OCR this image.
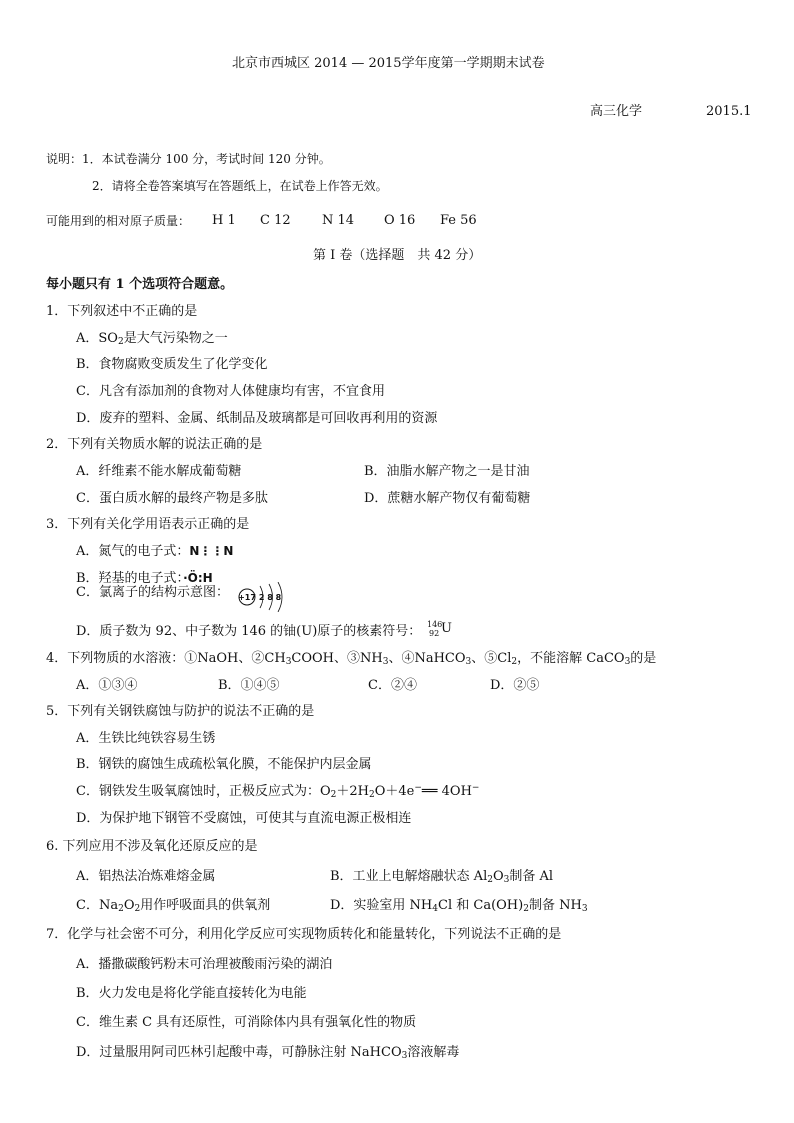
北京市西城区 2014 — 2015学年度第一学期期末试卷
高三化学	2015.1
说明：1．本试卷满分 100 分，考试时间 120 分钟。
2．请将全卷答案填写在答题纸上，在试卷上作答无效。
可能用到的相对原子质量： H 1 C 12 N 14 O 16 Fe 56
第 I 卷（选择题　共 42 分）
每小题只有 1 个选项符合题意。
1．下列叙述中不正确的是
A．$SO_2$是大气污染物之一
B．食物腐败变质发生了化学变化
C．凡含有添加剂的食物对人体健康均有害，不宜食用
D．废弃的塑料、金属、纸制品及玻璃都是可回收再利用的资源
2．下列有关物质水解的说法正确的是
A．纤维素不能水解成葡萄糖	B．油脂水解产物之一是甘油
C．蛋白质水解的最终产物是多肽	D．蔗糖水解产物仅有葡萄糖
3．下列有关化学用语表示正确的是
A．氮气的电子式：N⋮⋮N
B．羟基的电子式：·Ö:H
C．氯离子的结构示意图： +17 2 8 8
D．质子数为 92、中子数为 146 的铀(U)原子的核素符号： 146
92 U
4．下列物质的水溶液：①NaOH、$②CH_3COOH$、$③NH_3$、④NaHCO$_3$、$⑤Cl_2$，不能溶解 CaCO$_3$的是
A．①③④	B．①④⑤	C．②④	D．②⑤
5．下列有关钢铁腐蚀与防护的说法不正确的是
A．生铁比纯铁容易生锈
B．钢铁的腐蚀生成疏松氧化膜，不能保护内层金属
C．钢铁发生吸氧腐蚀时，正极反应式为：$O_2+2H_2O+4e^-══$ 4OH−
D．为保护地下钢管不受腐蚀，可使其与直流电源正极相连
6. 下列应用不涉及氧化还原反应的是
A．铝热法冶炼难熔金属	B．工业上电解熔融状态 $Al_2O_3$制备 Al
C．$Na_2O_2$用作呼吸面具的供氧剂	D．实验室用 $NH_4Cl$ 和 $Ca(OH)_2$制备 $NH_3$
7．化学与社会密不可分，利用化学反应可实现物质转化和能量转化，下列说法不正确的是
A．播撒碳酸钙粉末可治理被酸雨污染的湖泊
B．火力发电是将化学能直接转化为电能
C．维生素 C 具有还原性，可消除体内具有强氧化性的物质
D．过量服用阿司匹林引起酸中毒，可静脉注射 NaHCO$_3$溶液解毒
